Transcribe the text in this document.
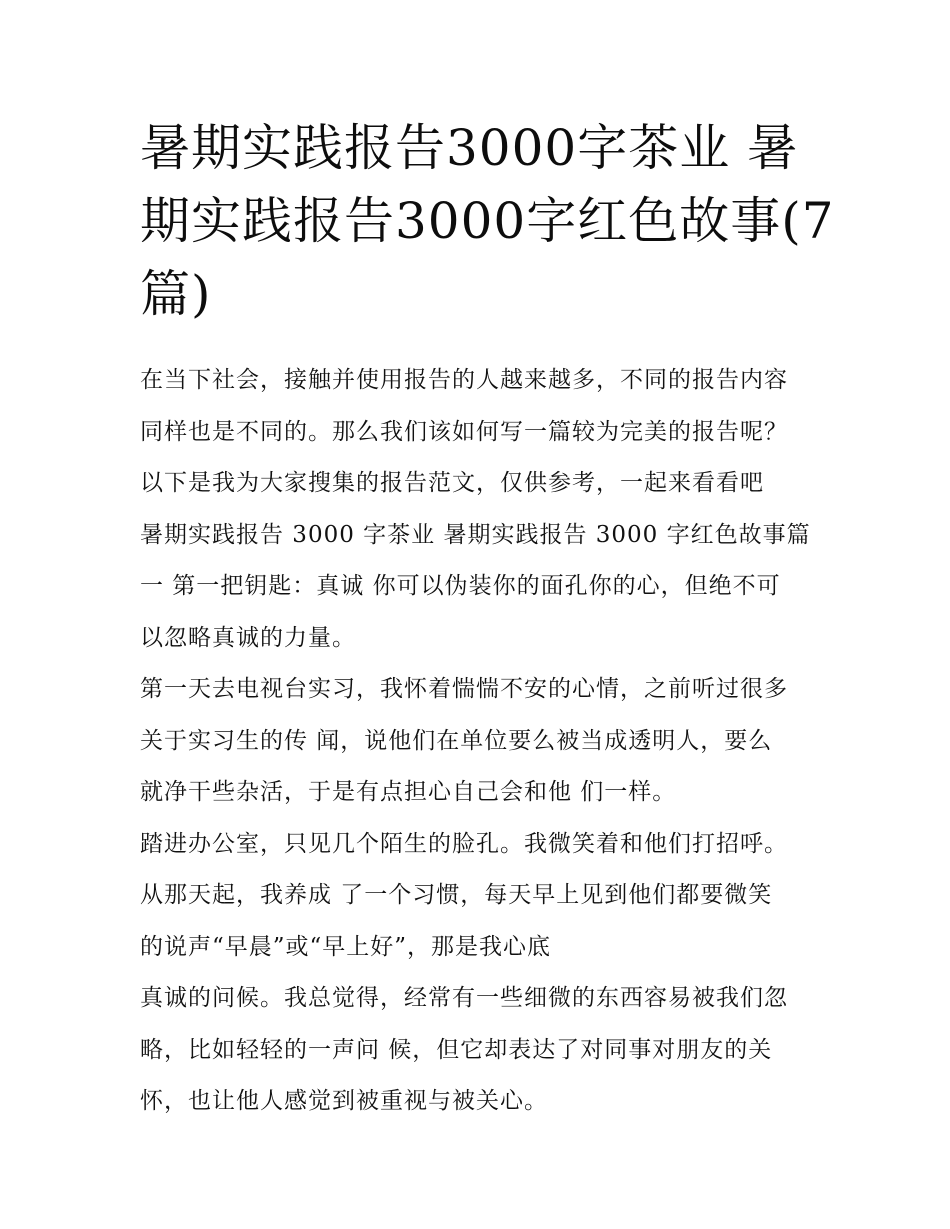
暑期实践报告3000字茶业 暑
期实践报告3000字红色故事(7
篇)

在当下社会，接触并使用报告的人越来越多，不同的报告内容
同样也是不同的。那么我们该如何写一篇较为完美的报告呢？
以下是我为大家搜集的报告范文，仅供参考，一起来看看吧
暑期实践报告 3000 字茶业 暑期实践报告 3000 字红色故事篇
一 第一把钥匙：真诚 你可以伪装你的面孔你的心，但绝不可
以忽略真诚的力量。

第一天去电视台实习，我怀着惴惴不安的心情，之前听过很多
关于实习生的传 闻，说他们在单位要么被当成透明人，要么
就净干些杂活，于是有点担心自己会和他 们一样。

踏进办公室，只见几个陌生的脸孔。我微笑着和他们打招呼。
从那天起，我养成 了一个习惯，每天早上见到他们都要微笑
的说声“早晨”或“早上好”，那是我心底

真诚的问候。我总觉得，经常有一些细微的东西容易被我们忽
略，比如轻轻的一声问 候，但它却表达了对同事对朋友的关
怀，也让他人感觉到被重视与被关心。
